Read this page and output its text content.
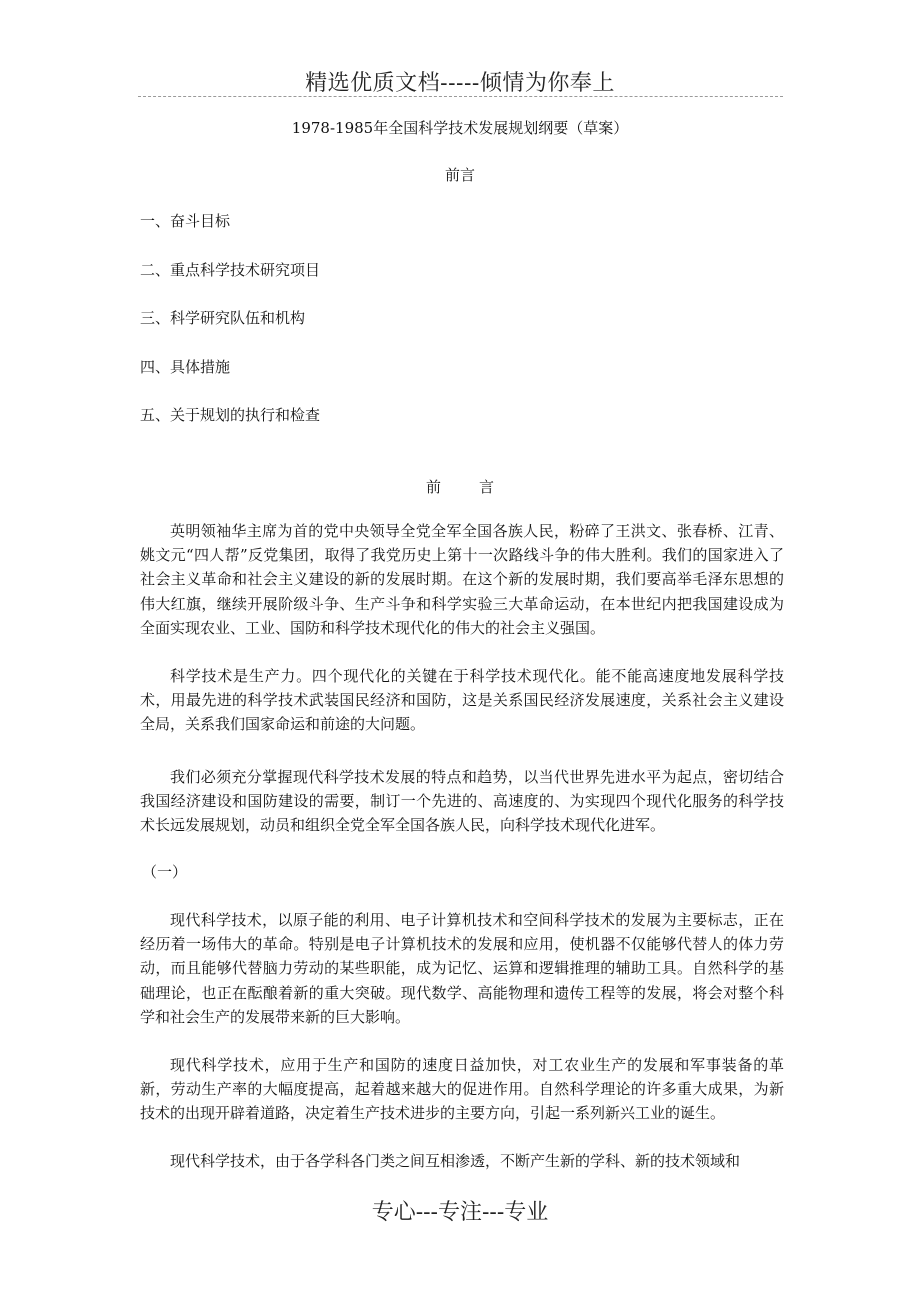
精选优质文档-----倾情为你奉上
1978-1985年全国科学技术发展规划纲要（草案）
前言
一、奋斗目标
二、重点科学技术研究项目
三、科学研究队伍和机构
四、具体措施
五、关于规划的执行和检查
前	言

英明领袖华主席为首的党中央领导全党全军全国各族人民，粉碎了王洪文、张春桥、江青、姚文元“四人帮”反党集团，取得了我党历史上第十一次路线斗争的伟大胜利。我们的国家进入了社会主义革命和社会主义建设的新的发展时期。在这个新的发展时期，我们要高举毛泽东思想的伟大红旗，继续开展阶级斗争、生产斗争和科学实验三大革命运动，在本世纪内把我国建设成为全面实现农业、工业、国防和科学技术现代化的伟大的社会主义强国。

科学技术是生产力。四个现代化的关键在于科学技术现代化。能不能高速度地发展科学技术，用最先进的科学技术武装国民经济和国防，这是关系国民经济发展速度，关系社会主义建设全局，关系我们国家命运和前途的大问题。

我们必须充分掌握现代科学技术发展的特点和趋势，以当代世界先进水平为起点，密切结合我国经济建设和国防建设的需要，制订一个先进的、高速度的、为实现四个现代化服务的科学技术长远发展规划，动员和组织全党全军全国各族人民，向科学技术现代化进军。

（一）

现代科学技术，以原子能的利用、电子计算机技术和空间科学技术的发展为主要标志，正在经历着一场伟大的革命。特别是电子计算机技术的发展和应用，使机器不仅能够代替人的体力劳动，而且能够代替脑力劳动的某些职能，成为记忆、运算和逻辑推理的辅助工具。自然科学的基础理论，也正在酝酿着新的重大突破。现代数学、高能物理和遗传工程等的发展，将会对整个科学和社会生产的发展带来新的巨大影响。

现代科学技术，应用于生产和国防的速度日益加快，对工农业生产的发展和军事装备的革新，劳动生产率的大幅度提高，起着越来越大的促进作用。自然科学理论的许多重大成果，为新技术的出现开辟着道路，决定着生产技术进步的主要方向，引起一系列新兴工业的诞生。

现代科学技术，由于各学科各门类之间互相渗透，不断产生新的学科、新的技术领域和

专心---专注---专业
